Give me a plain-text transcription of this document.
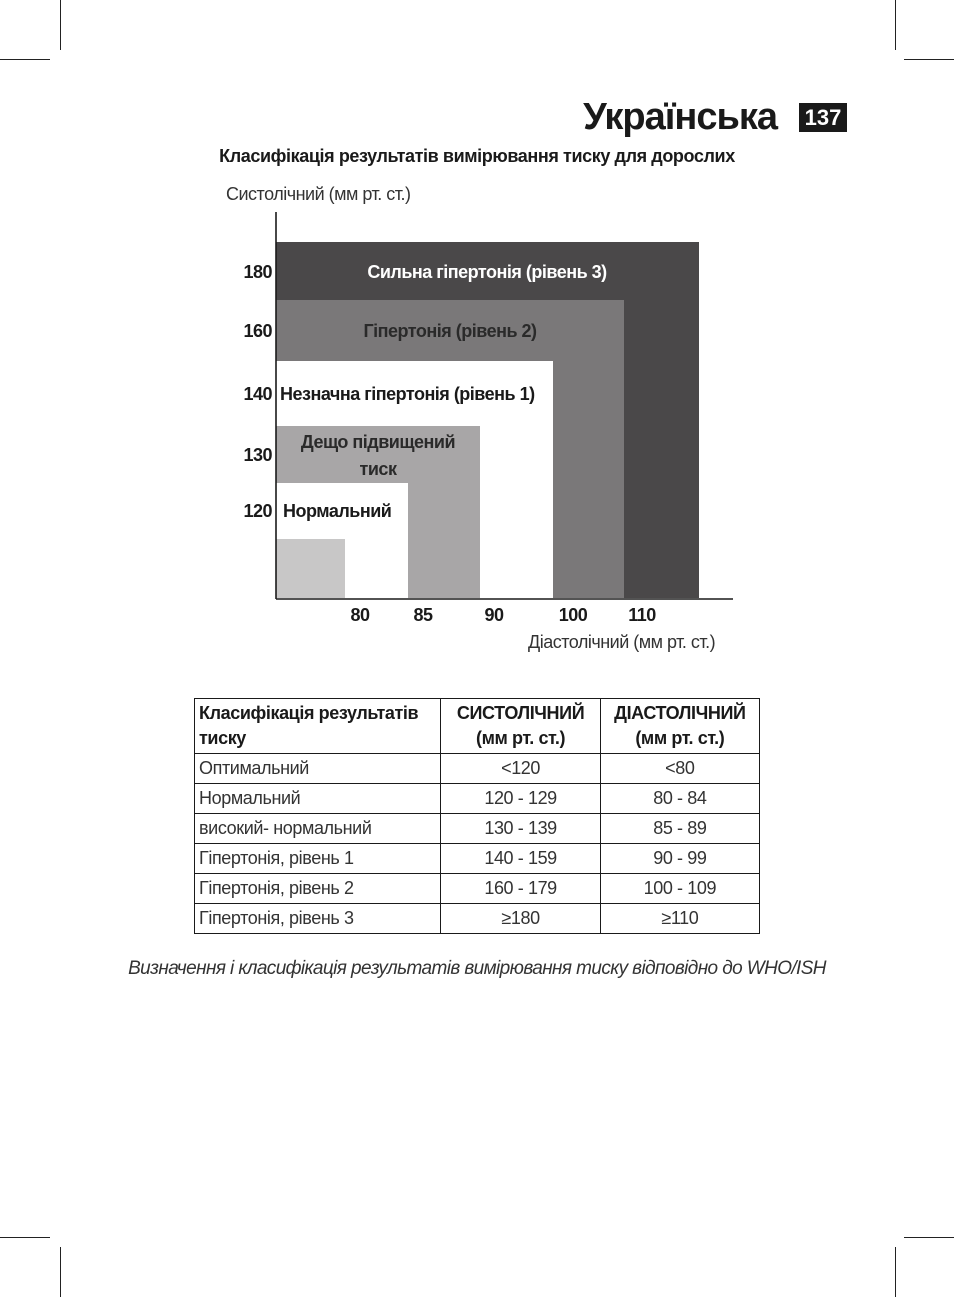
Українська 137
Класифікація результатів вимірювання тиску для дорослих
Сильна гіпертонія (рівень 3)
Гіпертонія (рівень 2)
Незначна гіпертонія (рівень 1)
Дещо підвищений тиск
Нормальний
180
160
140
130
120
80 85	90	100 110
Систолічний (мм рт. ст.)
Діастолічний (мм рт. ст.)
Класифікація результатів тиску	СИСТОЛІЧНИЙ (мм рт. ст.)	ДІАСТОЛІЧНИЙ (мм рт. ст.)
Оптимальний	<120	<80
Нормальний	120 - 129	80 - 84
високий- нормальний	130 - 139	85 - 89
Гіпертонія, рівень 1	140 - 159	90 - 99
Гіпертонія, рівень 2	160 - 179	100 - 109
Гіпертонія, рівень 3	≥180	≥110
Визначення і класифікація результатів вимірювання тиску відповідно до WHO/ISH
